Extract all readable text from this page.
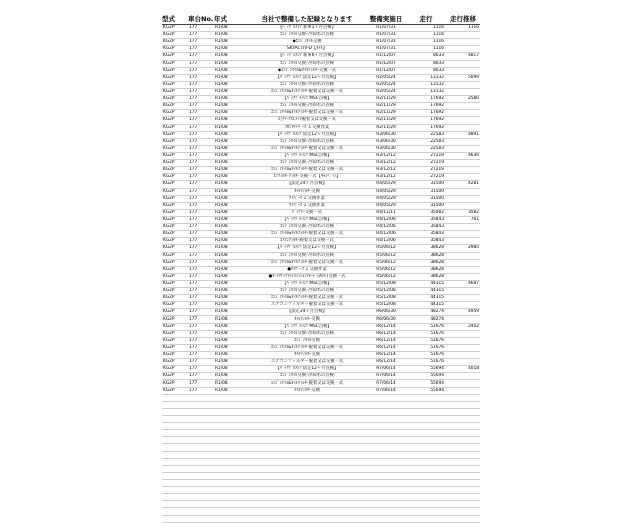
型式	車台No.	年式	当社で整備した記録となります	整備実施日	走行	走行推移
KG2P	177	R1/08	【ﾍﾞｯｸﾞﾙﾒﾝﾃ 新車1ヶ月点検】	R1/07/31	1116	1116
KG2P	177	R1/08	ｴﾝｼﾞﾝｵｲﾙ交換･冷却水の点検	R1/07/31	1116	
KG2P	177	R1/08	◆ｴﾝｼﾞﾝｵｲﾙ交換	R1/07/31	1116	
KG2P	177	R1/08	SKYACTIV-D【ｵｲﾙ】	R1/07/31	1116	
KG2P	177	R1/08	【ﾍﾞｯｸﾞﾙﾒﾝﾃ 新車6ヶ月点検】	R1/12/07	8033	4817
KG2P	177	R1/08	ｴﾝｼﾞﾝｵｲﾙ交換･冷却水の点検	R1/12/07	8033	
KG2P	177	R1/08	◆ｴﾝｼﾞﾝｵｲﾙ&ｵｲﾙﾌｨﾙﾀｰ交換一式	R1/12/07	8033	
KG2P	177	R1/08	【ﾊﾟｯｸﾃﾞﾙﾒﾝﾃ 法定12ヶ月点検】	R2/05/24	13132	5099
KG2P	177	R1/08	ｴﾝｼﾞﾝｵｲﾙ交換･冷却水の点検	R2/05/24	13132	
KG2P	177	R1/08	ｴﾝｼﾞﾝｵｲﾙ&ｵｲﾙﾌｨﾙﾀｰ脱着又は交換一式	R2/05/24	13132	
KG2P	177	R1/08	【ﾊﾟｯｸﾃﾞﾙﾒﾝﾃ MSC点検】	R2/11/29	17692	2580
KG2P	177	R1/08	ｴﾝｼﾞﾝｵｲﾙ交換･冷却水の点検	R2/11/29	17692	
KG2P	177	R1/08	ｴﾝｼﾞﾝｵｲﾙ&ｵｲﾙﾌｨﾙﾀｰ脱着又は交換一式	R2/11/29	17692	
KG2P	177	R1/08	ｴｱｸﾘｰﾅｴﾚﾒﾝﾄ脱着又は交換一式	R2/11/29	17692	
KG2P	177	R1/08	ﾌﾛﾝﾄﾜｲﾊﾟｰｺﾞﾑ 交換作業	R2/11/29	17692	
KG2P	177	R1/08	【ﾊﾟｯｸﾃﾞﾙﾒﾝﾃ 法定12ヶ月点検】	R3/06/30	22583	4891
KG2P	177	R1/08	ｴﾝｼﾞﾝｵｲﾙ交換･冷却水の点検	R3/06/30	22583	
KG2P	177	R1/08	ｴﾝｼﾞﾝｵｲﾙ&ｵｲﾙﾌｨﾙﾀｰ脱着又は交換一式	R3/06/30	22583	
KG2P	177	R1/08	【ﾊﾟｯｸﾃﾞﾙﾒﾝﾃ MSC点検】	R3/12/12	27219	4636
KG2P	177	R1/08	ｴﾝｼﾞﾝｵｲﾙ交換･冷却水の点検	R3/12/12	27219	
KG2P	177	R1/08	ｴﾝｼﾞﾝｵｲﾙ&ｵｲﾙﾌｨﾙﾀｰ脱着又は交換一式	R3/12/12	27219	
KG2P	177	R1/08	ｴｱﾌｨﾙﾀｰﾌｨﾙﾀｰ交換一式【ｷｬﾝﾍﾟｰﾝ】	R3/12/12	27219	
KG2P	177	R1/08	【法定24ヶ月点検】	R4/05/29	31500	4281
KG2P	177	R1/08	ｵｲﾙﾌｨﾙﾀｰ交換	R4/05/29	31500	
KG2P	177	R1/08	ﾜｲﾊﾟｰｺﾞﾑ 交換作業	R4/05/29	31500	
KG2P	177	R1/08	ﾜｲﾊﾟｰｺﾞﾑ 交換作業	R4/05/29	31500	
KG2P	177	R1/08	ﾊﾞｯﾃﾘｰ交換一式	R4/11/11	35082	3582
KG2P	177	R1/08	【ﾊﾟｯｸﾃﾞﾙﾒﾝﾃ MSC点検】	R4/12/06	35843	761
KG2P	177	R1/08	ｴﾝｼﾞﾝｵｲﾙ交換･冷却水の点検	R4/12/06	35843	
KG2P	177	R1/08	ｴﾝｼﾞﾝｵｲﾙ&ｵｲﾙﾌｨﾙﾀｰ脱着又は交換一式	R4/12/06	35843	
KG2P	177	R1/08	ｴｱｺﾝﾌｨﾙﾀｰ脱着又は交換一式	R4/12/06	35843	
KG2P	177	R1/08	【ﾊﾟｯｸﾃﾞﾙﾒﾝﾃ 法定12ヶ月点検】	R5/06/12	38628	2985
KG2P	177	R1/08	ｴﾝｼﾞﾝｵｲﾙ交換･冷却水の点検	R5/06/12	38628	
KG2P	177	R1/08	ｴﾝｼﾞﾝｵｲﾙ&ｵｲﾙﾌｨﾙﾀｰ脱着又は交換一式	R5/06/12	38628	
KG2P	177	R1/08	●ﾜｲﾊﾟｰｺﾞﾑ 交換作業	R5/06/12	38628	
KG2P	177	R1/08	●ｵｰﾄﾏﾁｯｸﾄﾗﾝｽﾐｯｼｮﾝﾌﾙｰﾄﾞ(ATF)交換一式	R5/06/12	38628	
KG2P	177	R1/08	【ﾊﾟｯｸﾃﾞﾙﾒﾝﾃ MSC点検】	R5/12/08	44315	4687
KG2P	177	R1/08	ｴﾝｼﾞﾝｵｲﾙ交換･冷却水の点検	R5/12/08	44315	
KG2P	177	R1/08	ｴﾝｼﾞﾝｵｲﾙ&ｵｲﾙﾌｨﾙﾀｰ脱着又は交換一式	R5/12/08	44315	
KG2P	177	R1/08	エアコンフィルター脱着又は交換一式	R5/12/08	44315	
KG2P	177	R1/08	【法定24ヶ月点検】	R6/06/30	48274	4959
KG2P	177	R1/08	ｵｲﾙﾌｨﾙﾀｰ交換	R6/06/30	48274	
KG2P	177	R1/08	【ﾊﾟｯｸﾃﾞﾙﾒﾝﾃ MSC点検】	R6/12/14	51676	2402
KG2P	177	R1/08	ｴﾝｼﾞﾝｵｲﾙ交換･冷却水の点検	R6/12/14	51676	
KG2P	177	R1/08	ｴﾝｼﾞﾝｵｲﾙ交換	R6/12/14	51676	
KG2P	177	R1/08	ｴﾝｼﾞﾝｵｲﾙ&ｵｲﾙﾌｨﾙﾀｰ脱着又は交換一式	R6/12/14	51676	
KG2P	177	R1/08	ｵｲﾙﾌｨﾙﾀｰ交換	R6/12/14	51676	
KG2P	177	R1/08	エアコンフィルター脱着又は交換一式	R6/12/14	51676	
KG2P	177	R1/08	【ﾊﾟｯｸﾃﾞﾙﾒﾝﾃ 法定12ヶ月点検】	R7/06/14	55694	4018
KG2P	177	R1/08	ｴﾝｼﾞﾝｵｲﾙ交換･冷却水の点検	R7/06/14	55694	
KG2P	177	R1/08	ｴﾝｼﾞﾝｵｲﾙ&ｵｲﾙﾌｨﾙﾀｰ脱着又は交換一式	R7/06/14	55694	
KG2P	177	R1/08	ｵｲﾙﾌｨﾙﾀｰ交換	R7/06/14	55694	
